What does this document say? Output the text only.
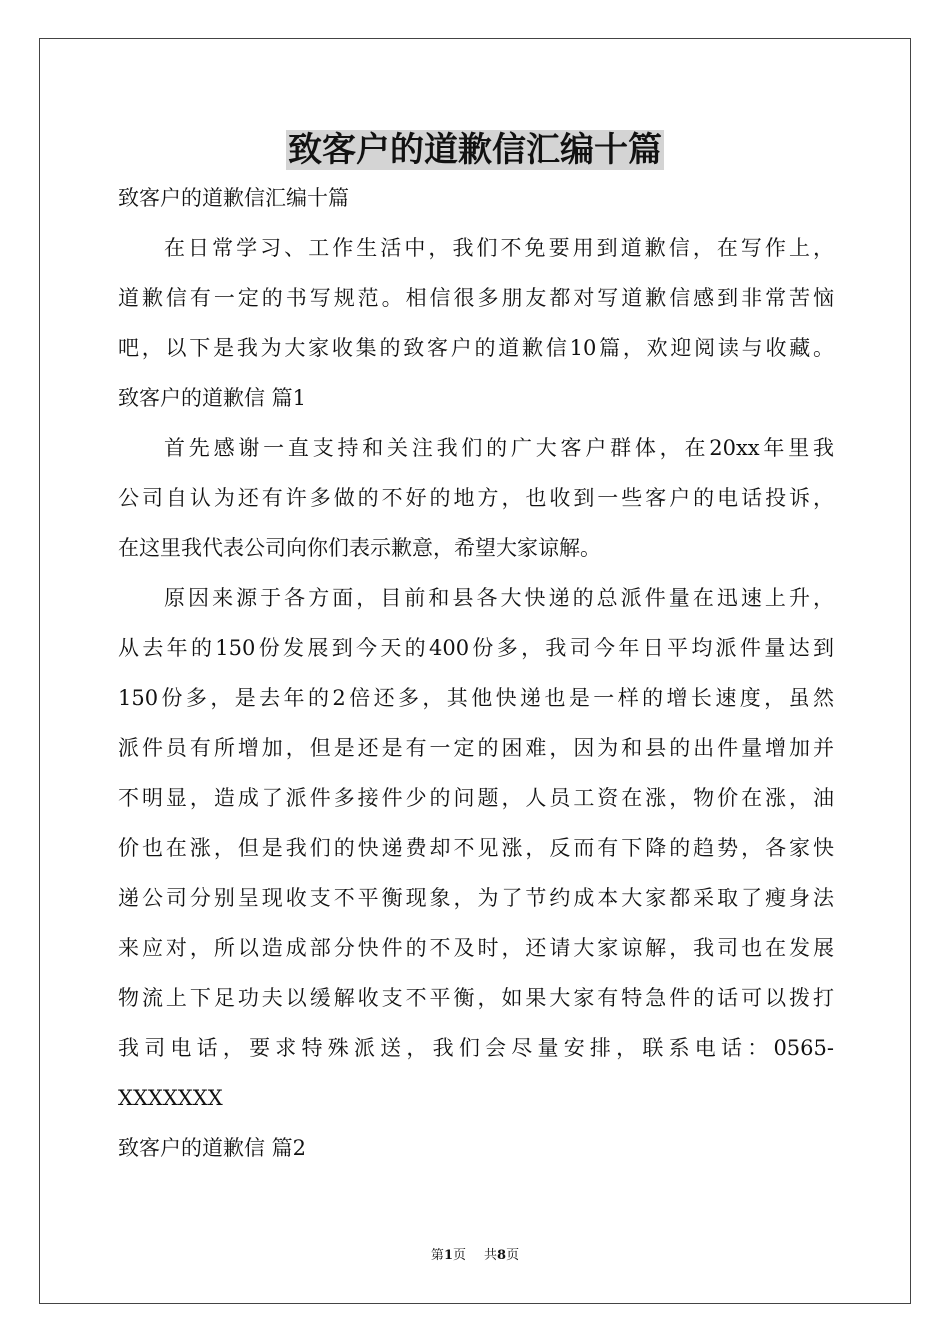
致客户的道歉信汇编十篇
致客户的道歉信汇编十篇
在日常学习、工作生活中，我们不免要用到道歉信，在写作上，
道歉信有一定的书写规范。相信很多朋友都对写道歉信感到非常苦恼
吧，以下是我为大家收集的致客户的道歉信10篇，欢迎阅读与收藏。
致客户的道歉信 篇1
首先感谢一直支持和关注我们的广大客户群体，在20xx年里我
公司自认为还有许多做的不好的地方，也收到一些客户的电话投诉，
在这里我代表公司向你们表示歉意，希望大家谅解。
原因来源于各方面，目前和县各大快递的总派件量在迅速上升，
从去年的150份发展到今天的400份多，我司今年日平均派件量达到
150份多，是去年的2倍还多，其他快递也是一样的增长速度，虽然
派件员有所增加，但是还是有一定的困难，因为和县的出件量增加并
不明显，造成了派件多接件少的问题，人员工资在涨，物价在涨，油
价也在涨，但是我们的快递费却不见涨，反而有下降的趋势，各家快
递公司分别呈现收支不平衡现象，为了节约成本大家都采取了瘦身法
来应对，所以造成部分快件的不及时，还请大家谅解，我司也在发展
物流上下足功夫以缓解收支不平衡，如果大家有特急件的话可以拨打
我司电话，要求特殊派送，我们会尽量安排，联系电话：0565-
XXXXXXX
致客户的道歉信 篇2
第1页 共8页
